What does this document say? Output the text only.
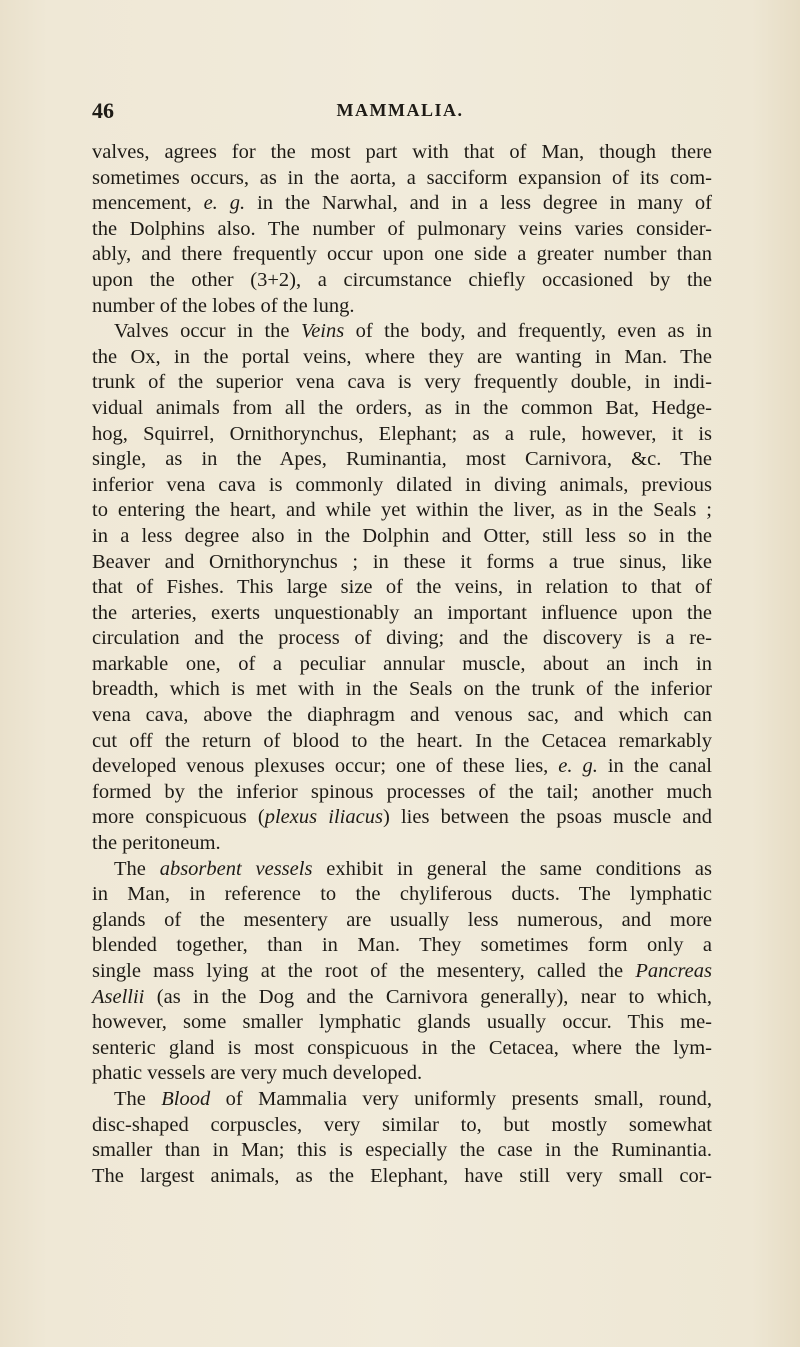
46	MAMMALIA.
valves, agrees for the most part with that of Man, though there
sometimes occurs, as in the aorta, a sacciform expansion of its com-
mencement, e. g. in the Narwhal, and in a less degree in many of
the Dolphins also. The number of pulmonary veins varies consider-
ably, and there frequently occur upon one side a greater number than
upon the other (3+2), a circumstance chiefly occasioned by the
number of the lobes of the lung.
Valves occur in the Veins of the body, and frequently, even as in
the Ox, in the portal veins, where they are wanting in Man. The
trunk of the superior vena cava is very frequently double, in indi-
vidual animals from all the orders, as in the common Bat, Hedge-
hog, Squirrel, Ornithorynchus, Elephant; as a rule, however, it is
single, as in the Apes, Ruminantia, most Carnivora, &c. The
inferior vena cava is commonly dilated in diving animals, previous
to entering the heart, and while yet within the liver, as in the Seals ;
in a less degree also in the Dolphin and Otter, still less so in the
Beaver and Ornithorynchus ; in these it forms a true sinus, like
that of Fishes. This large size of the veins, in relation to that of
the arteries, exerts unquestionably an important influence upon the
circulation and the process of diving; and the discovery is a re-
markable one, of a peculiar annular muscle, about an inch in
breadth, which is met with in the Seals on the trunk of the inferior
vena cava, above the diaphragm and venous sac, and which can
cut off the return of blood to the heart. In the Cetacea remarkably
developed venous plexuses occur; one of these lies, e. g. in the canal
formed by the inferior spinous processes of the tail; another much
more conspicuous (plexus iliacus) lies between the psoas muscle and
the peritoneum.
The absorbent vessels exhibit in general the same conditions as
in Man, in reference to the chyliferous ducts. The lymphatic
glands of the mesentery are usually less numerous, and more
blended together, than in Man. They sometimes form only a
single mass lying at the root of the mesentery, called the Pancreas
Asellii (as in the Dog and the Carnivora generally), near to which,
however, some smaller lymphatic glands usually occur. This me-
senteric gland is most conspicuous in the Cetacea, where the lym-
phatic vessels are very much developed.
The Blood of Mammalia very uniformly presents small, round,
disc-shaped corpuscles, very similar to, but mostly somewhat
smaller than in Man; this is especially the case in the Ruminantia.
The largest animals, as the Elephant, have still very small cor-
